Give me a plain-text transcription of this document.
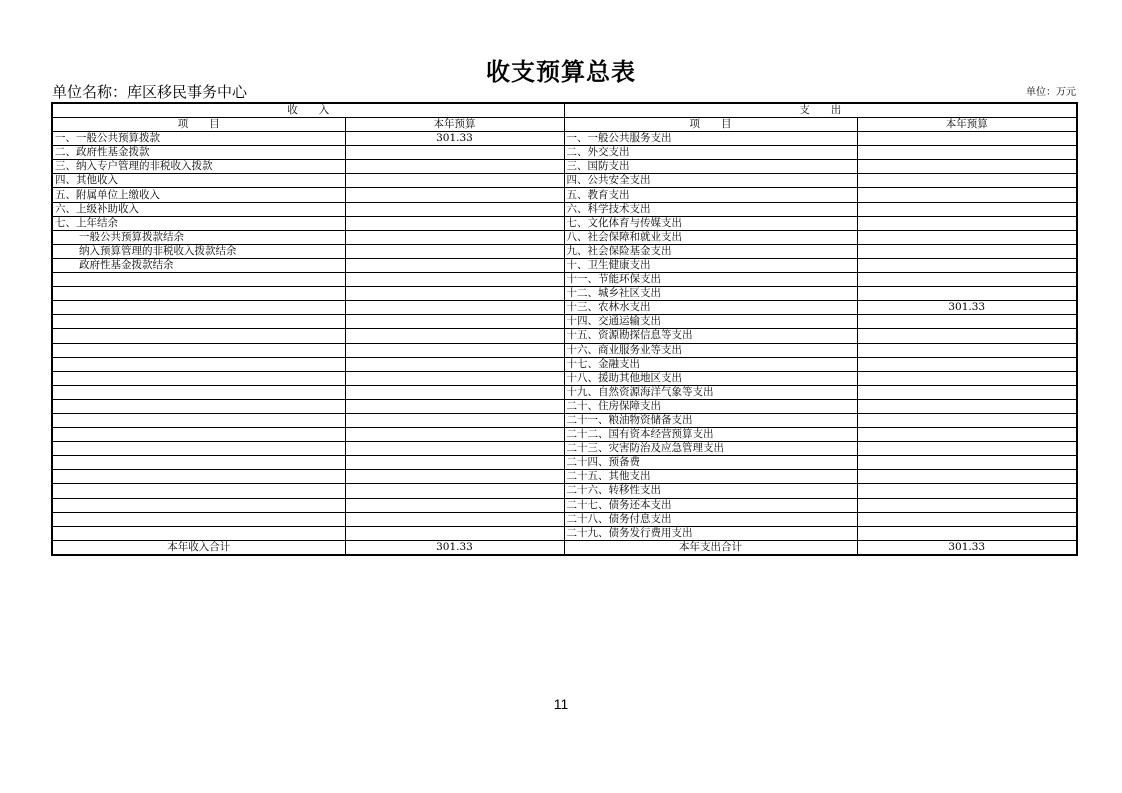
收支预算总表
单位名称：库区移民事务中心	单位：万元
收　　入		支　　出	
项　　目	本年预算	项　　目	本年预算
一、一般公共预算拨款	301.33	一、一般公共服务支出	
二、政府性基金拨款		二、外交支出	
三、纳入专户管理的非税收入拨款		三、国防支出	
四、其他收入		四、公共安全支出	
五、附属单位上缴收入		五、教育支出	
六、上级补助收入		六、科学技术支出	
七、上年结余		七、文化体育与传媒支出	
一般公共预算拨款结余		八、社会保障和就业支出	
纳入预算管理的非税收入拨款结余		九、社会保险基金支出	
政府性基金拨款结余		十、卫生健康支出	
		十一、节能环保支出	
		十二、城乡社区支出	
		十三、农林水支出	301.33
		十四、交通运输支出	
		十五、资源勘探信息等支出	
		十六、商业服务业等支出	
		十七、金融支出	
		十八、援助其他地区支出	
		十九、自然资源海洋气象等支出	
		二十、住房保障支出	
		二十一、粮油物资储备支出	
		二十二、国有资本经营预算支出	
		二十三、灾害防治及应急管理支出	
		二十四、预备费	
		二十五、其他支出	
		二十六、转移性支出	
		二十七、债务还本支出	
		二十八、债务付息支出	
		二十九、债务发行费用支出	
本年收入合计	301.33	本年支出合计	301.33
11
